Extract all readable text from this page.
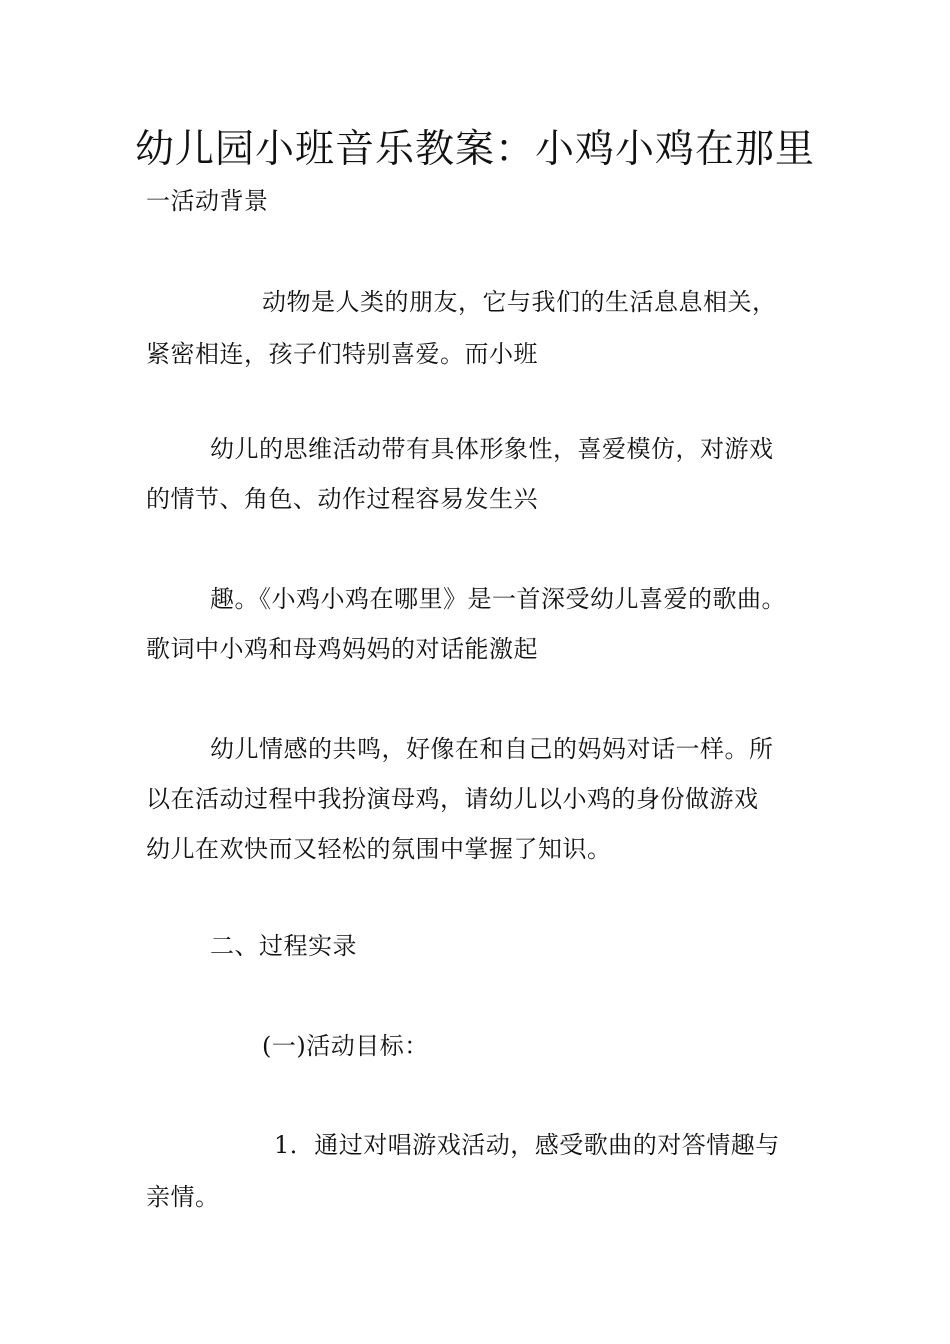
幼儿园小班音乐教案：小鸡小鸡在那里

一活动背景

动物是人类的朋友，它与我们的生活息息相关，

紧密相连，孩子们特别喜爱。而小班

幼儿的思维活动带有具体形象性，喜爱模仿，对游戏

的情节、角色、动作过程容易发生兴

趣。《小鸡小鸡在哪里》是一首深受幼儿喜爱的歌曲。

歌词中小鸡和母鸡妈妈的对话能激起

幼儿情感的共鸣，好像在和自己的妈妈对话一样。所

以在活动过程中我扮演母鸡，请幼儿以小鸡的身份做游戏

幼儿在欢快而又轻松的氛围中掌握了知识。

二、过程实录

(一)活动目标：

1．通过对唱游戏活动，感受歌曲的对答情趣与

亲情。
